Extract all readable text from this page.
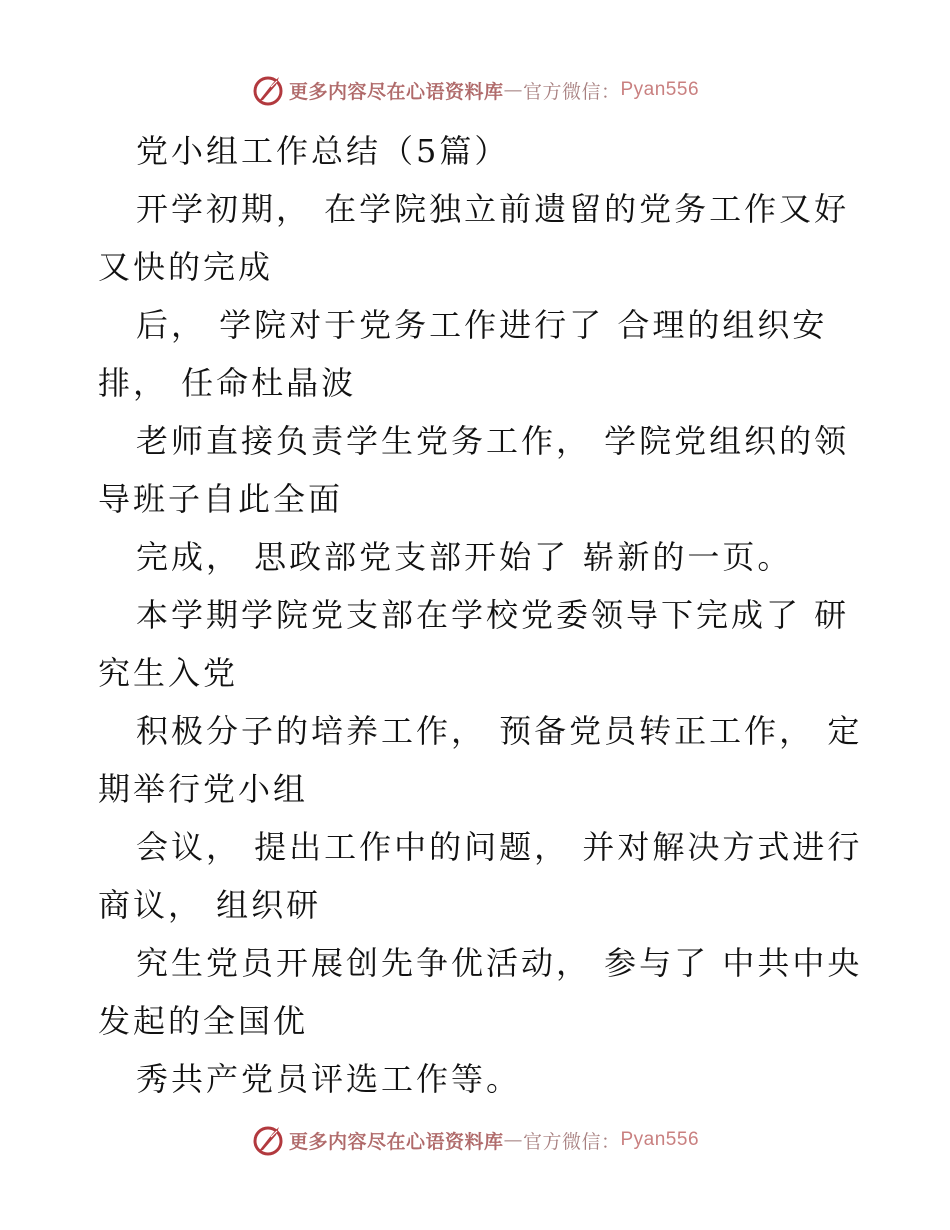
更多内容尽在心语资料库 — 官方微信： Pyan556
党小组工作总结（5篇）
开学初期， 在学院独立前遗留的党务工作又好
又快的完成
后， 学院对于党务工作进行了 合理的组织安
排， 任命杜晶波
老师直接负责学生党务工作， 学院党组织的领
导班子自此全面
完成， 思政部党支部开始了 崭新的一页。
本学期学院党支部在学校党委领导下完成了 研
究生入党
积极分子的培养工作， 预备党员转正工作， 定
期举行党小组
会议， 提出工作中的问题， 并对解决方式进行
商议， 组织研
究生党员开展创先争优活动， 参与了 中共中央
发起的全国优
秀共产党员评选工作等。
更多内容尽在心语资料库 — 官方微信： Pyan556
